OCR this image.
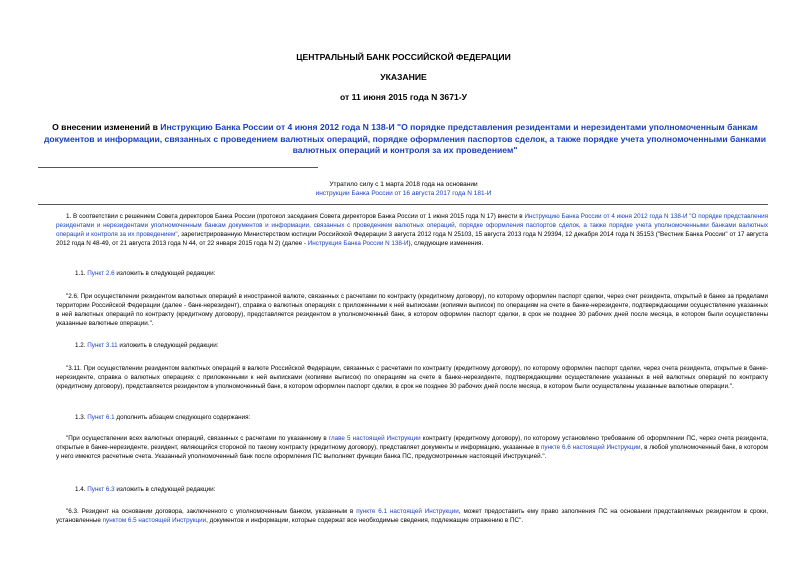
ЦЕНТРАЛЬНЫЙ БАНК РОССИЙСКОЙ ФЕДЕРАЦИИ
УКАЗАНИЕ
от 11 июня 2015 года N 3671-У
О внесении изменений в Инструкцию Банка России от 4 июня 2012 года N 138-И "О порядке представления резидентами и нерезидентами уполномоченным банкам документов и информации, связанных с проведением валютных операций, порядке оформления паспортов сделок, а также порядке учета уполномоченными банками валютных операций и контроля за их проведением"
Утратило силу с 1 марта 2018 года на основании
инструкции Банка России от 16 августа 2017 года N 181-И
1. В соответствии с решением Совета директоров Банка России (протокол заседания Совета директоров Банка России от 1 июня 2015 года N 17) внести в Инструкцию Банка России от 4 июня 2012 года N 138-И "О порядке представления резидентами и нерезидентами уполномоченным банкам документов и информации, связанных с проведением валютных операций, порядке оформления паспортов сделок, а также порядке учета уполномоченными банками валютных операций и контроля за их проведением", зарегистрированную Министерством юстиции Российской Федерации 3 августа 2012 года N 25103, 15 августа 2013 года N 29394, 12 декабря 2014 года N 35153 ("Вестник Банка России" от 17 августа 2012 года N 48-49, от 21 августа 2013 года N 44, от 22 января 2015 года N 2) (далее - Инструкция Банка России N 138-И), следующие изменения.
1.1. Пункт 2.6 изложить в следующей редакции:
"2.6. При осуществлении резидентом валютных операций в иностранной валюте, связанных с расчетами по контракту (кредитному договору), по которому оформлен паспорт сделки, через счет резидента, открытый в банке за пределами территории Российской Федерации (далее - банк-нерезидент), справка о валютных операциях с приложенными к ней выписками (копиями выписок) по операциям на счете в банке-нерезиденте, подтверждающими осуществление указанных в ней валютных операций по контракту (кредитному договору), представляется резидентом в уполномоченный банк, в котором оформлен паспорт сделки, в срок не позднее 30 рабочих дней после месяца, в котором были осуществлены указанные валютные операции.".
1.2. Пункт 3.11 изложить в следующей редакции:
"3.11. При осуществлении резидентом валютных операций в валюте Российской Федерации, связанных с расчетами по контракту (кредитному договору), по которому оформлен паспорт сделки, через счета резидента, открытые в банке-нерезиденте, справка о валютных операциях с приложенными к ней выписками (копиями выписок) по операциям на счете в банке-нерезиденте, подтверждающими осуществление указанных в ней валютных операций по контракту (кредитному договору), представляется резидентом в уполномоченный банк, в котором оформлен паспорт сделки, в срок не позднее 30 рабочих дней после месяца, в котором были осуществлены указанные валютные операции.".
1.3. Пункт 6.1 дополнить абзацем следующего содержания:
"При осуществлении всех валютных операций, связанных с расчетами по указанному в главе 5 настоящей Инструкции контракту (кредитному договору), по которому установлено требование об оформлении ПС, через счета резидента, открытые в банке-нерезиденте, резидент, являющийся стороной по такому контракту (кредитному договору), представляет документы и информацию, указанные в пункте 6.6 настоящей Инструкции, в любой уполномоченный банк, в котором у него имеются расчетные счета. Указанный уполномоченный банк после оформления ПС выполняет функции банка ПС, предусмотренные настоящей Инструкцией.".
1.4. Пункт 6.3 изложить в следующей редакции:
"6.3. Резидент на основании договора, заключенного с уполномоченным банком, указанным в пункте 6.1 настоящей Инструкции, может предоставить ему право заполнения ПС на основании представляемых резидентом в сроки, установленные пунктом 6.5 настоящей Инструкции, документов и информации, которые содержат все необходимые сведения, подлежащие отражению в ПС".
